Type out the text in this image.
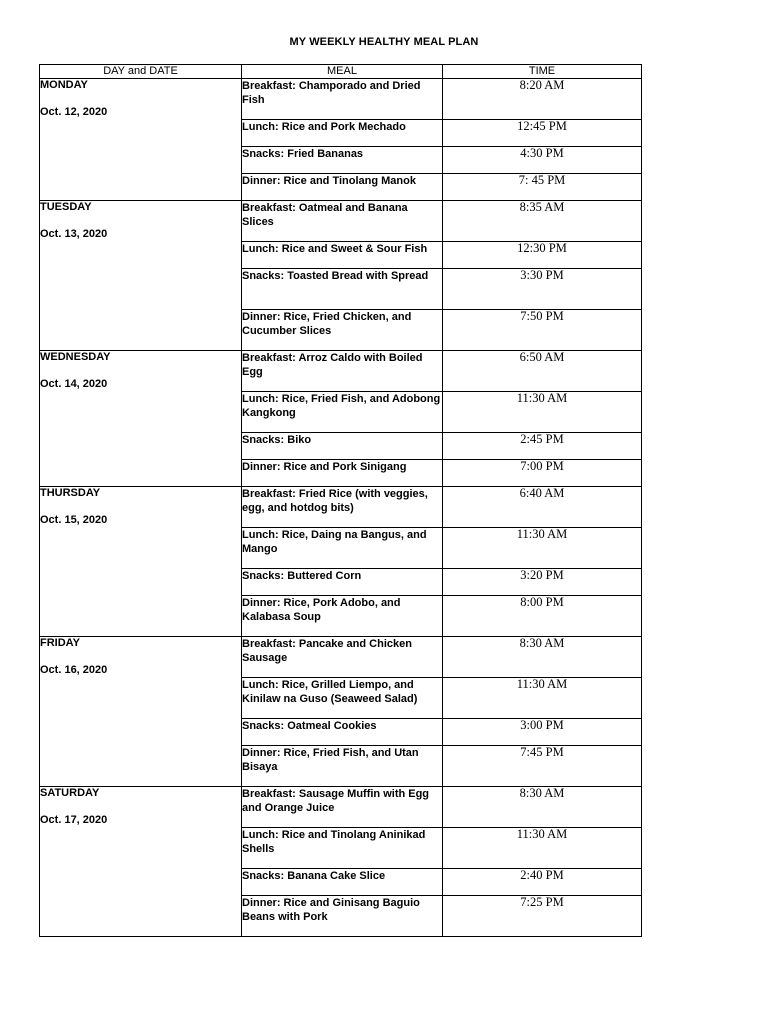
MY WEEKLY HEALTHY MEAL PLAN
DAY and DATE	MEAL	TIME

MONDAY
Oct. 12, 2020	Breakfast: Champorado and Dried Fish	8:20 AM
	Lunch: Rice and Pork Mechado	12:45 PM
	Snacks: Fried Bananas	4:30 PM
	Dinner: Rice and Tinolang Manok	7: 45 PM

TUESDAY
Oct. 13, 2020	Breakfast: Oatmeal and Banana Slices	8:35 AM
	Lunch: Rice and Sweet & Sour Fish	12:30 PM
	Snacks: Toasted Bread with Spread	3:30 PM
	Dinner: Rice, Fried Chicken, and Cucumber Slices	7:50 PM

WEDNESDAY
Oct. 14, 2020	Breakfast: Arroz Caldo with Boiled Egg	6:50 AM
	Lunch: Rice, Fried Fish, and Adobong Kangkong	11:30 AM
	Snacks: Biko	2:45 PM
	Dinner: Rice and Pork Sinigang	7:00 PM

THURSDAY
Oct. 15, 2020	Breakfast: Fried Rice (with veggies, egg, and hotdog bits)	6:40 AM
	Lunch: Rice, Daing na Bangus, and Mango	11:30 AM
	Snacks: Buttered Corn	3:20 PM
	Dinner: Rice, Pork Adobo, and Kalabasa Soup	8:00 PM

FRIDAY
Oct. 16, 2020	Breakfast: Pancake and Chicken Sausage	8:30 AM
	Lunch: Rice, Grilled Liempo, and Kinilaw na Guso (Seaweed Salad)	11:30 AM
	Snacks: Oatmeal Cookies	3:00 PM
	Dinner: Rice, Fried Fish, and Utan Bisaya	7:45 PM

SATURDAY
Oct. 17, 2020	Breakfast: Sausage Muffin with Egg and Orange Juice	8:30 AM
	Lunch: Rice and Tinolang Aninikad Shells	11:30 AM
	Snacks: Banana Cake Slice	2:40 PM
	Dinner: Rice and Ginisang Baguio Beans with Pork	7:25 PM
